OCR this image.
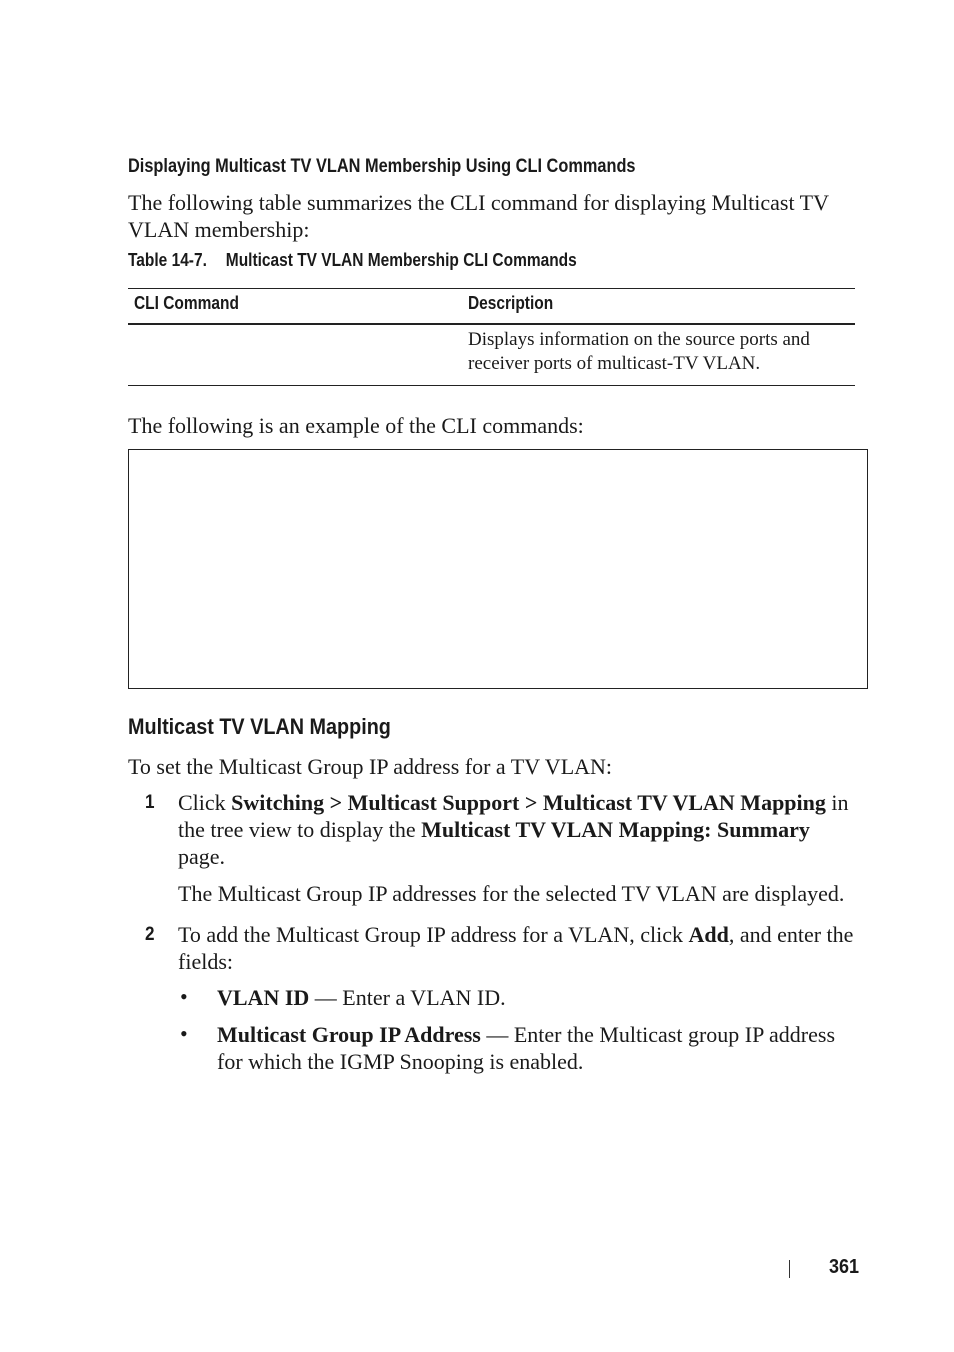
Displaying Multicast TV VLAN Membership Using CLI Commands
The following table summarizes the CLI command for displaying Multicast TV VLAN membership:
Table 14-7. Multicast TV VLAN Membership CLI Commands
CLI Command	Description
Displays information on the source ports and receiver ports of multicast-TV VLAN.
The following is an example of the CLI commands:
Multicast TV VLAN Mapping
To set the Multicast Group IP address for a TV VLAN:
1 Click Switching > Multicast Support > Multicast TV VLAN Mapping in the tree view to display the Multicast TV VLAN Mapping: Summary page.
The Multicast Group IP addresses for the selected TV VLAN are displayed.
2 To add the Multicast Group IP address for a VLAN, click Add, and enter the fields:
• VLAN ID — Enter a VLAN ID.
• Multicast Group IP Address — Enter the Multicast group IP address for which the IGMP Snooping is enabled.
361
